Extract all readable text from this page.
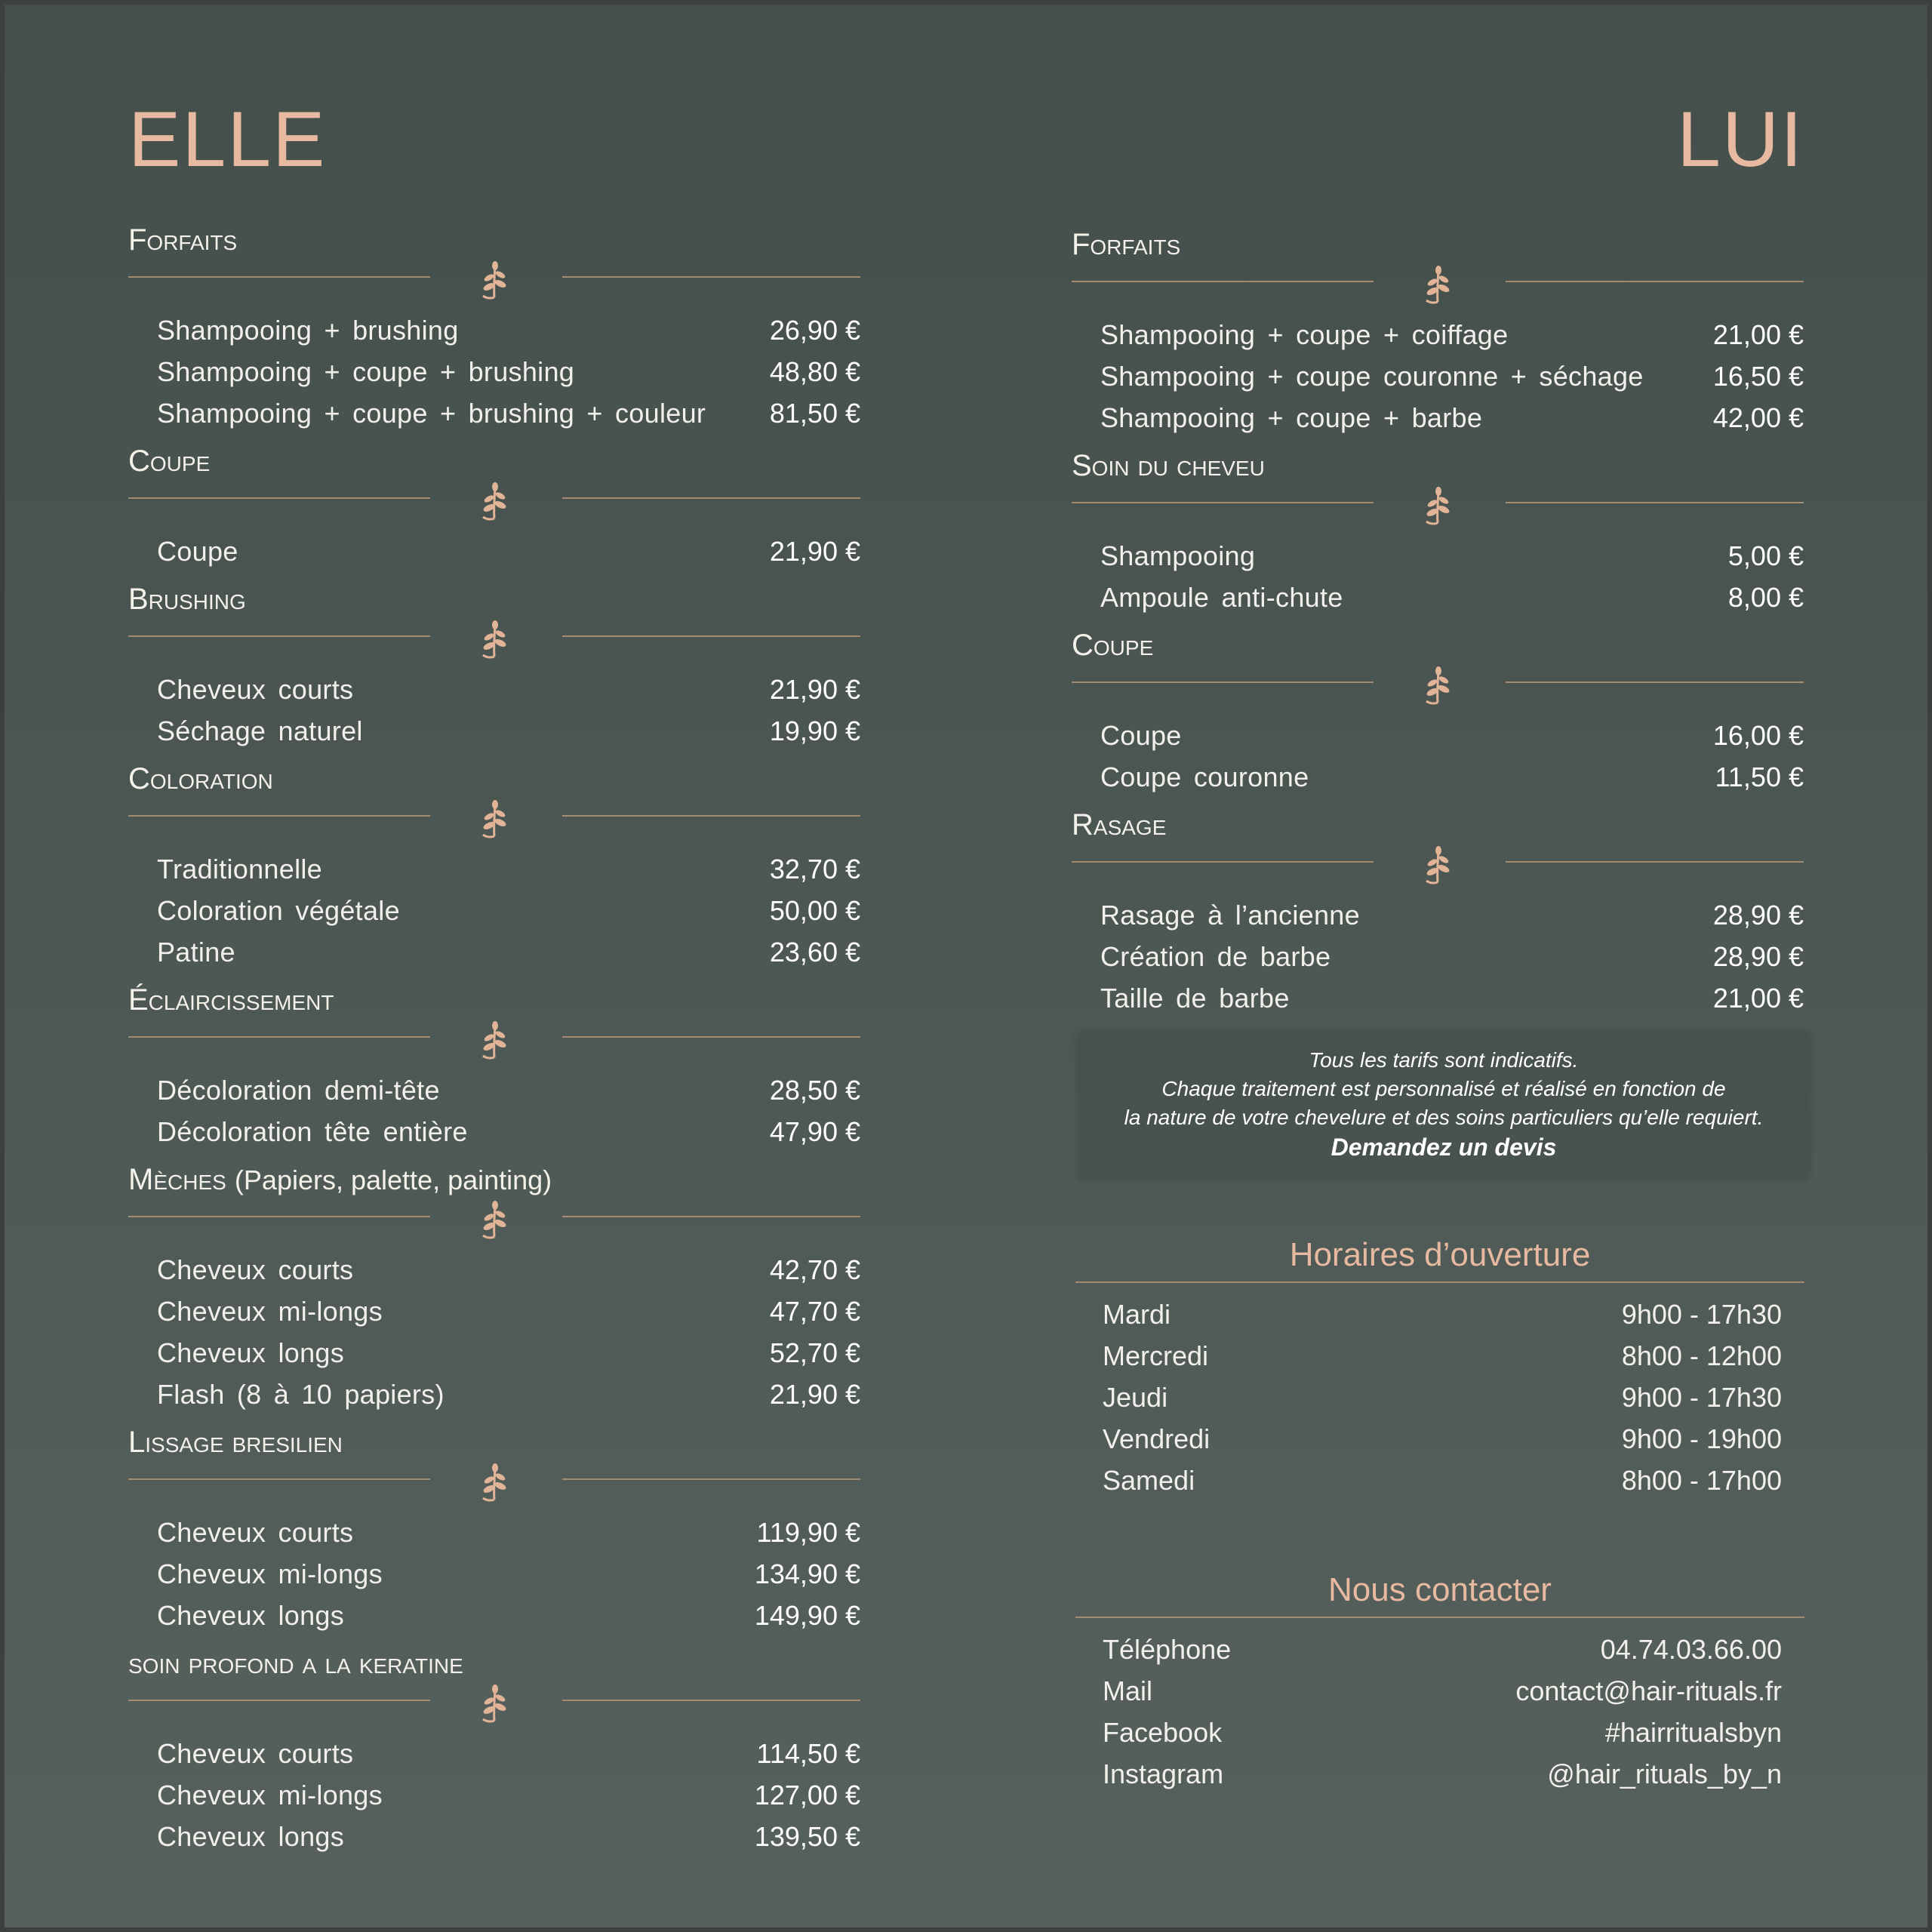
ELLE
Forfaits
Shampooing + brushing	26,90 €
Shampooing + coupe + brushing	48,80 €
Shampooing + coupe + brushing + couleur 81,50 €
Coupe
Coupe	21,90 €
Brushing
Cheveux courts	21,90 €
Séchage naturel	19,90 €
Coloration
Traditionnelle	32,70 €
Coloration végétale	50,00 €
Patine	23,60 €
Éclaircissement
Décoloration demi-tête	28,50 €
Décoloration tête entière	47,90 €
Mèches (Papiers, palette, painting)
Cheveux courts	42,70 €
Cheveux mi-longs	47,70 €
Cheveux longs	52,70 €
Flash (8 à 10 papiers)	21,90 €
Lissage bresilien
Cheveux courts	119,90 €
Cheveux mi-longs	134,90 €
Cheveux longs	149,90 €
soin profond a la keratine
Cheveux courts	114,50 €
Cheveux mi-longs	127,00 €
Cheveux longs	139,50 €
LUI
Forfaits
Shampooing + coupe + coiffage	21,00 €
Shampooing + coupe couronne + séchage	16,50 €
Shampooing + coupe + barbe	42,00 €
Soin du cheveu
Shampooing	5,00 €
Ampoule anti-chute	8,00 €
Coupe
Coupe	16,00 €
Coupe couronne	11,50 €
Rasage
Rasage à l’ancienne	28,90 €
Création de barbe	28,90 €
Taille de barbe	21,00 €
Tous les tarifs sont indicatifs.
Chaque traitement est personnalisé et réalisé en fonction de
la nature de votre chevelure et des soins particuliers qu’elle requiert.
Demandez un devis
Horaires d’ouverture
Mardi	9h00 - 17h30
Mercredi	8h00 - 12h00
Jeudi	9h00 - 17h30
Vendredi	9h00 - 19h00
Samedi	8h00 - 17h00
Nous contacter
Téléphone	04.74.03.66.00
Mail	contact@hair-rituals.fr
Facebook	#hairritualsbyn
Instagram	@hair_rituals_by_n
